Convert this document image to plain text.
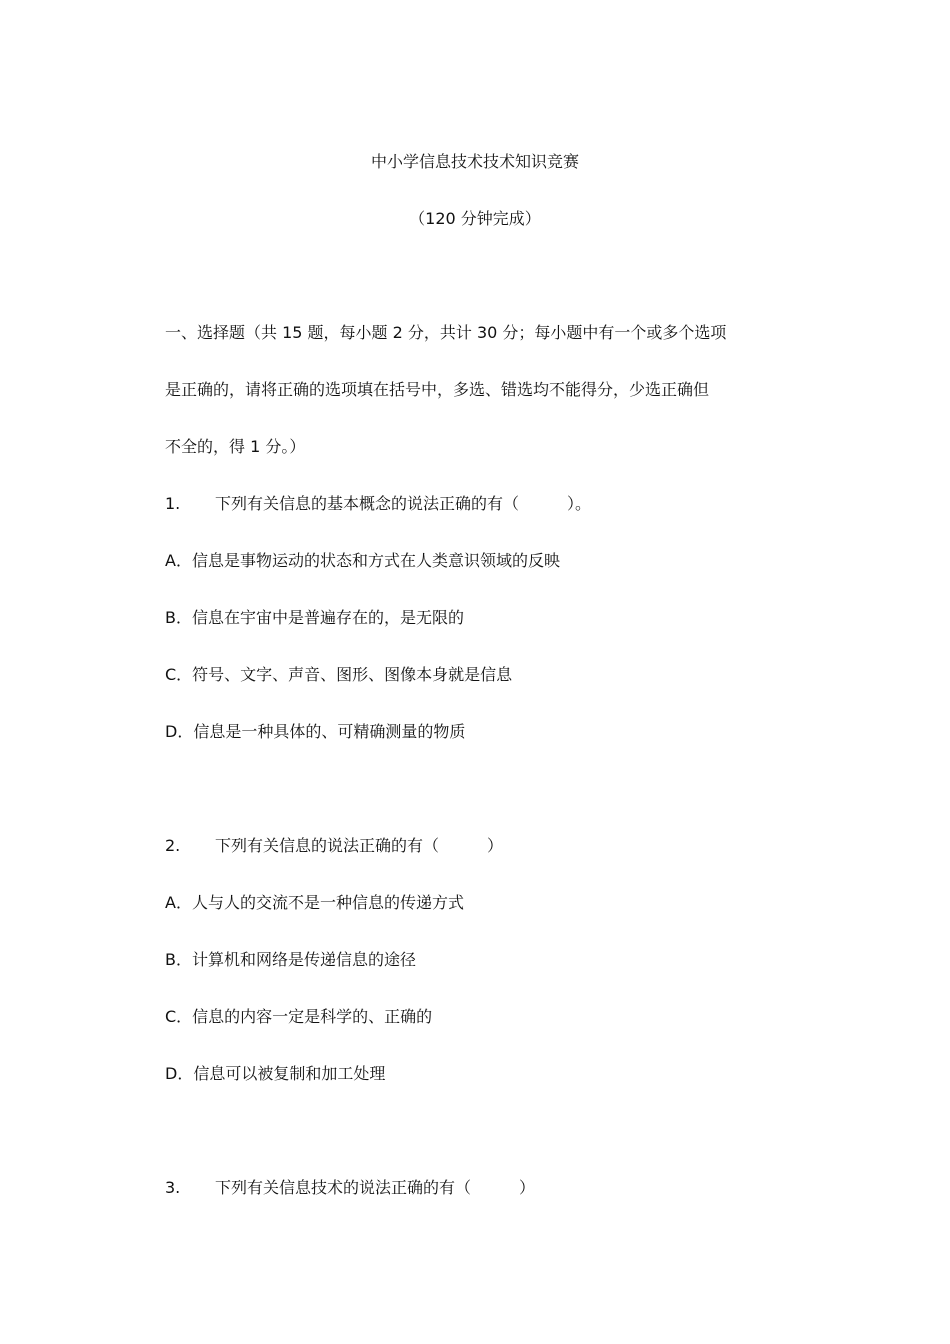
中小学信息技术技术知识竞赛
（120 分钟完成）
一、选择题（共 15 题，每小题 2 分，共计 30 分；每小题中有一个或多个选项
是正确的，请将正确的选项填在括号中，多选、错选均不能得分，少选正确但
不全的，得 1 分。）
1. 下列有关信息的基本概念的说法正确的有（　　　）。
A．信息是事物运动的状态和方式在人类意识领域的反映
B．信息在宇宙中是普遍存在的，是无限的
C．符号、文字、声音、图形、图像本身就是信息
D．信息是一种具体的、可精确测量的物质
2. 下列有关信息的说法正确的有（　　　）
A．人与人的交流不是一种信息的传递方式
B．计算机和网络是传递信息的途径
C．信息的内容一定是科学的、正确的
D．信息可以被复制和加工处理
3. 下列有关信息技术的说法正确的有（　　　）
